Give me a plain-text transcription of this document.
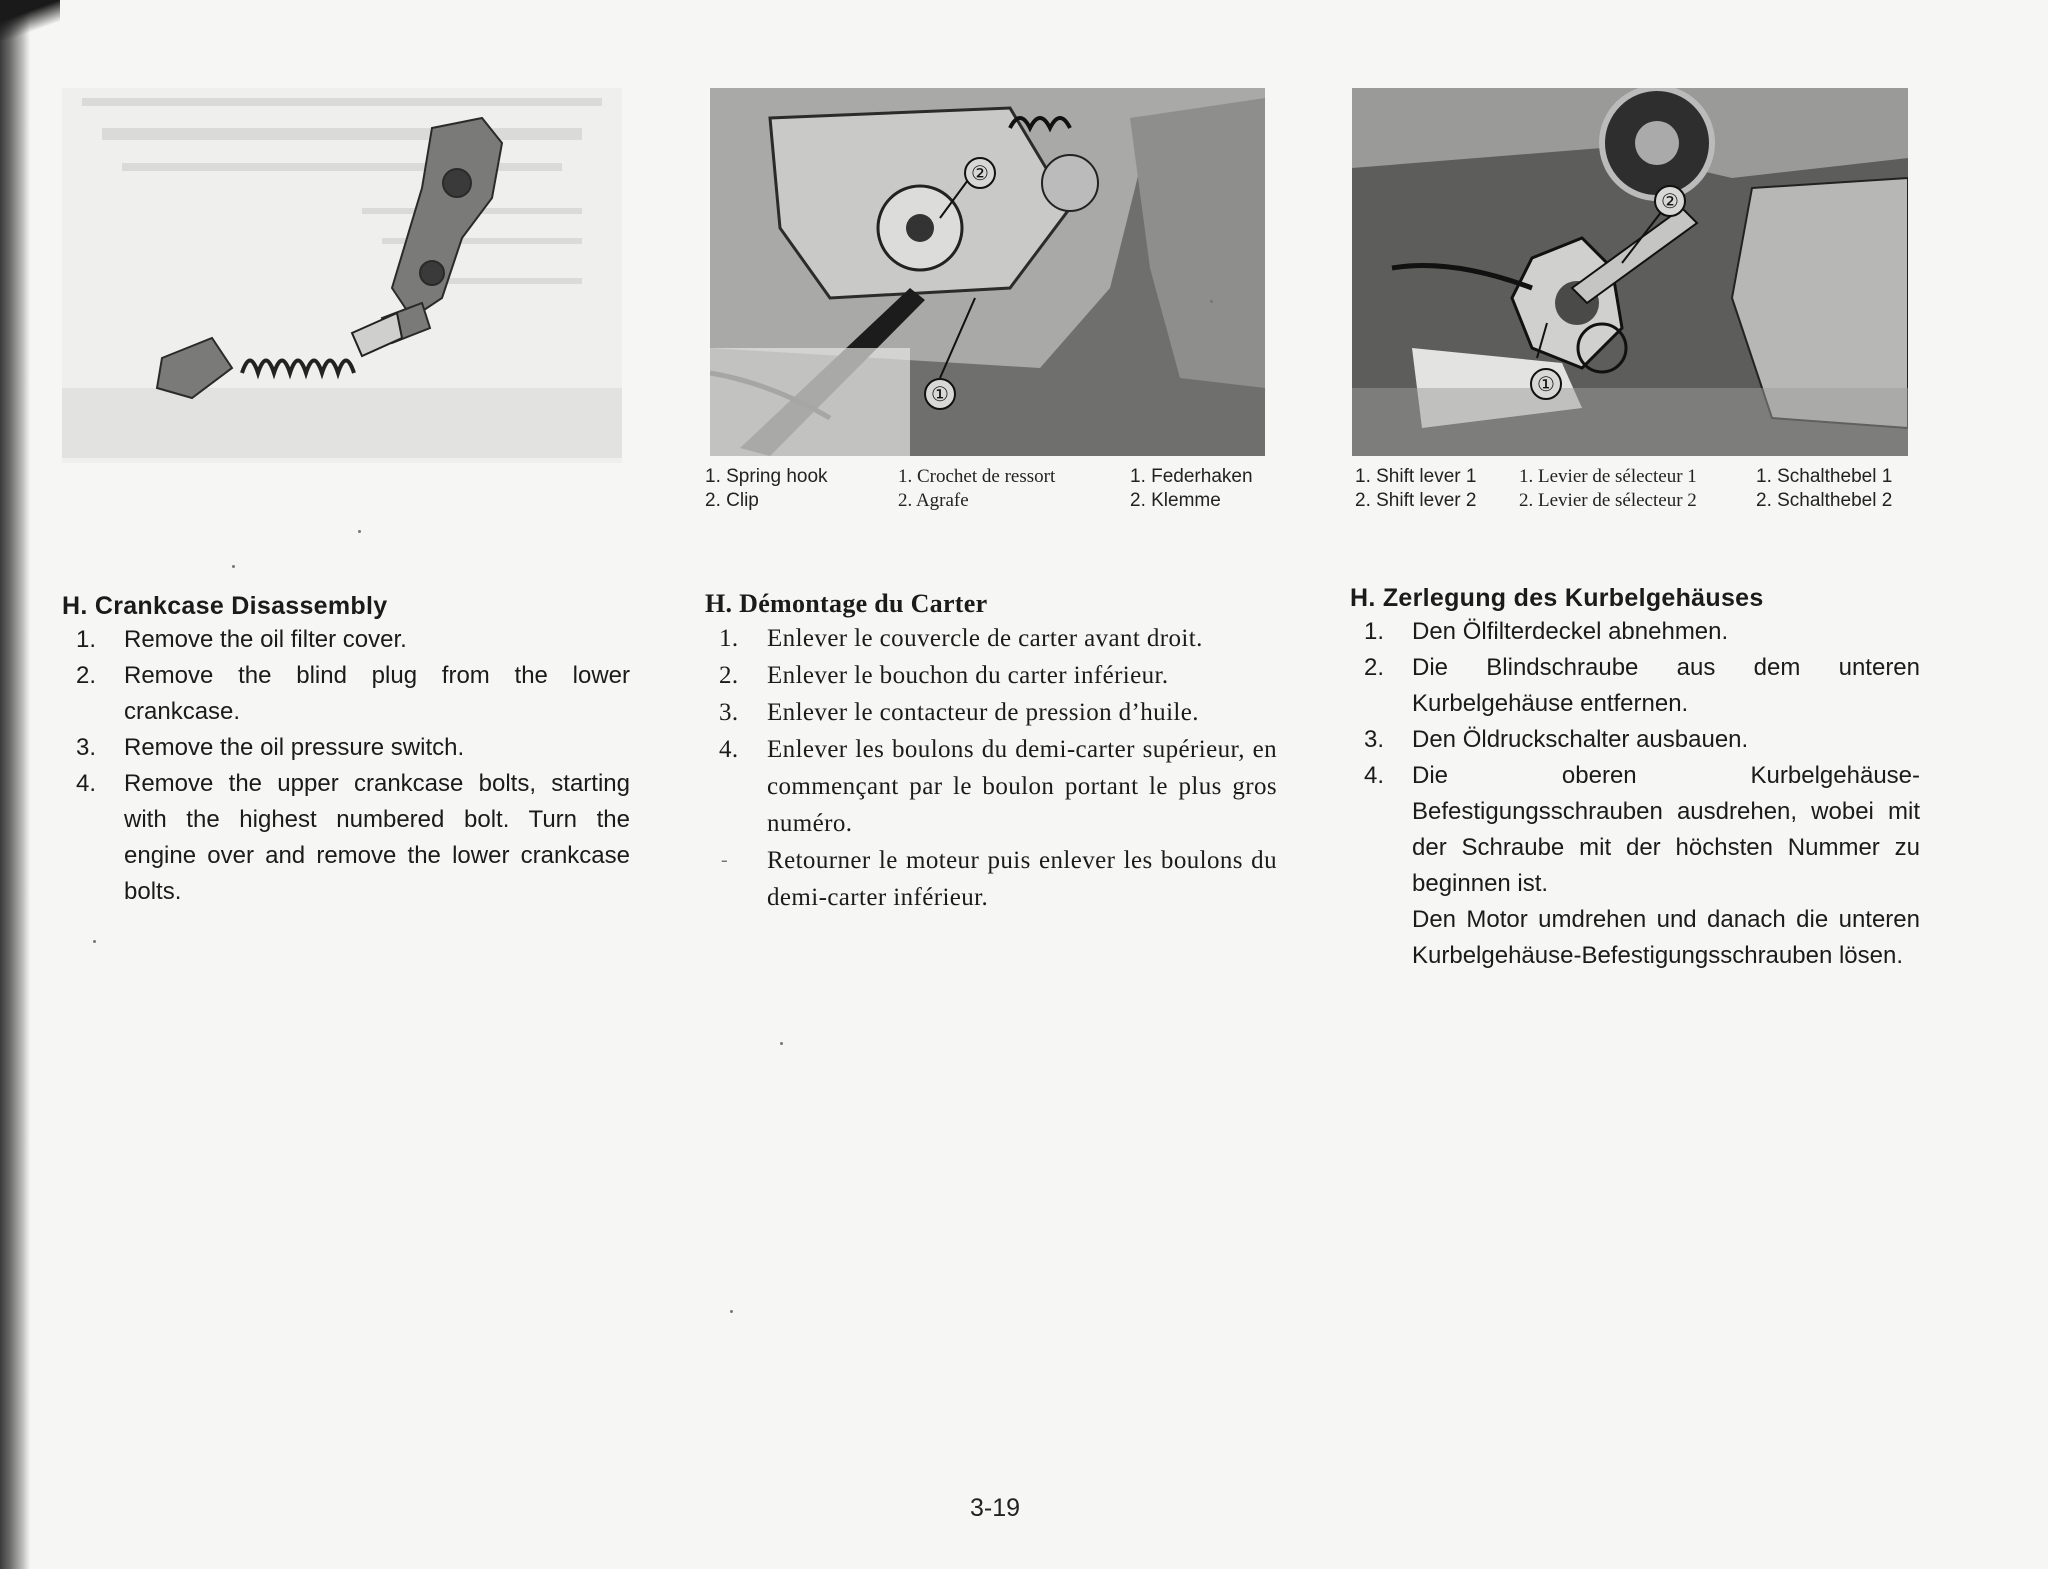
②
①
②
①
1. Spring hook
2. Clip
1. Crochet de ressort
2. Agrafe
1. Federhaken
2. Klemme
1. Shift lever 1
2. Shift lever 2
1. Levier de sélecteur 1
2. Levier de sélecteur 2
1. Schalthebel 1
2. Schalthebel 2
H. Crankcase Disassembly
1. Remove the oil filter cover.
2. Remove the blind plug from the lower crankcase.
3. Remove the oil pressure switch.
4. Remove the upper crankcase bolts, starting with the highest numbered bolt. Turn the engine over and remove the lower crankcase bolts.
H. Démontage du Carter
1. Enlever le couvercle de carter avant droit.
2. Enlever le bouchon du carter inférieur.
3. Enlever le contacteur de pression d’huile.
4. Enlever les boulons du demi-carter supérieur, en commençant par le boulon portant le plus gros numéro.

- Retourner le moteur puis enlever les boulons du demi-carter inférieur.

H. Zerlegung des Kurbelgehäuses
1. Den Ölfilterdeckel abnehmen.
2. Die Blindschraube aus dem unteren Kurbelgehäuse entfernen.
3. Den Öldruckschalter ausbauen.
4. Die oberen Kurbelgehäuse-Befestigungsschrauben ausdrehen, wobei mit der Schraube mit der höchsten Nummer zu beginnen ist.

Den Motor umdrehen und danach die unteren Kurbelgehäuse-Befestigungsschrauben lösen.

3-19
